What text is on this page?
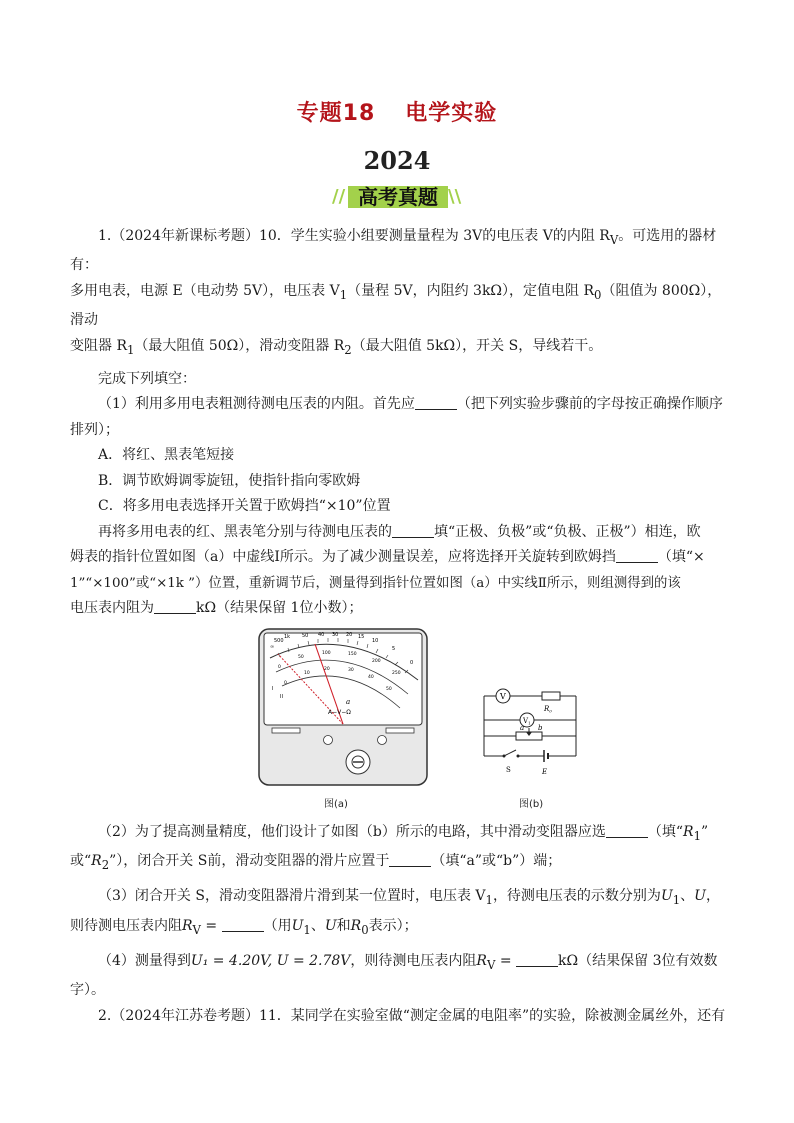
专题18 电学实验
2024
//	\\
高考真题

1.（2024年新课标考题）10．学生实验小组要测量量程为 3V的电压表 V的内阻 $R_V$。可选用的器材有：

多用电表，电源 E（电动势 5V），电压表 $V_1$（量程 5V，内阻约 3kΩ），定值电阻 $R_0$（阻值为 800Ω），滑动

变阻器 $R_1$（最大阻值 50Ω），滑动变阻器 $R_2$（最大阻值 5kΩ），开关 S，导线若干。

完成下列填空：

（1）利用多用电表粗测待测电压表的内阻。首先应	（把下列实验步骤前的字母按正确操作顺序

排列）；

A．将红、黑表笔短接

B．调节欧姆调零旋钮，使指针指向零欧姆

C．将多用电表选择开关置于欧姆挡“×10”位置

再将多用电表的红、黑表笔分别与待测电压表的	填“正极、负极”或“负极、正极”）相连，欧

姆表的指针位置如图（a）中虚线Ⅰ所示。为了减少测量误差，应将选择开关旋转到欧姆挡	（填“×

1”“×100”或“×1k ”）位置，重新调节后，测量得到指针位置如图（a）中实线Ⅱ所示，则组测得到的该

电压表内阻为	kΩ（结果保留 1位小数）；

∞
500
1k 50 40 30 20 15
10
5
0
0
50
100	150
200
250
0
10
20	30
40
50
I
II
a
A−V−Ω
图(a)
V
$V_1$
$R_0$
a b
S	E
图(b)

（2）为了提高测量精度，他们设计了如图（b）所示的电路，其中滑动变阻器应选	（填“$R_1$”

或“$R_2$”），闭合开关 S前，滑动变阻器的滑片应置于	（填“a”或“b”）端；

（3）闭合开关 S，滑动变阻器滑片滑到某一位置时，电压表 $V_1$，待测电压表的示数分别为$U_1$、U，

则待测电压表内阻$R_V$ =	（用$U_1$、U和$R_0$表示）；

（4）测量得到U₁ = 4.20V, U = 2.78V，则待测电压表内阻$R_V$ =	kΩ（结果保留 3位有效数

字）。

2.（2024年江苏卷考题）11．某同学在实验室做“测定金属的电阻率”的实验，除被测金属丝外，还有
